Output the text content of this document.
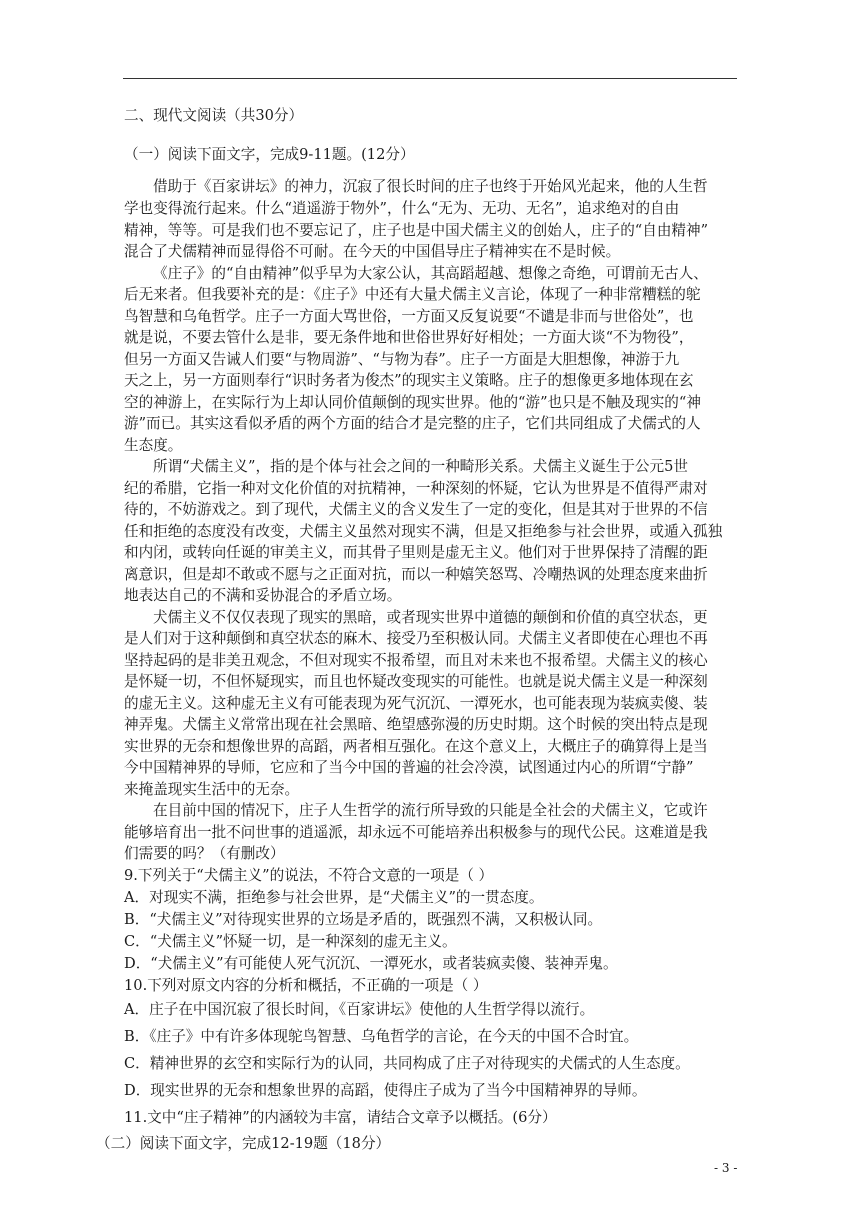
二、现代文阅读（共30分）
（一）阅读下面文字，完成9-11题。(12分）
借助于《百家讲坛》的神力，沉寂了很长时间的庄子也终于开始风光起来，他的人生哲
学也变得流行起来。什么“逍遥游于物外”，什么“无为、无功、无名”，追求绝对的自由
精神，等等。可是我们也不要忘记了，庄子也是中国犬儒主义的创始人，庄子的“自由精神”
混合了犬儒精神而显得俗不可耐。在今天的中国倡导庄子精神实在不是时候。
《庄子》的“自由精神”似乎早为大家公认，其高蹈超越、想像之奇绝，可谓前无古人、
后无来者。但我要补充的是：《庄子》中还有大量犬儒主义言论，体现了一种非常糟糕的鸵
鸟智慧和乌龟哲学。庄子一方面大骂世俗，一方面又反复说要“不谴是非而与世俗处”，也
就是说，不要去管什么是非，要无条件地和世俗世界好好相处；一方面大谈“不为物役”，
但另一方面又告诫人们要“与物周游”、“与物为春”。庄子一方面是大胆想像，神游于九
天之上，另一方面则奉行“识时务者为俊杰”的现实主义策略。庄子的想像更多地体现在玄
空的神游上，在实际行为上却认同价值颠倒的现实世界。他的“游”也只是不触及现实的“神
游”而已。其实这看似矛盾的两个方面的结合才是完整的庄子，它们共同组成了犬儒式的人
生态度。
所谓“犬儒主义”，指的是个体与社会之间的一种畸形关系。犬儒主义诞生于公元5世
纪的希腊，它指一种对文化价值的对抗精神，一种深刻的怀疑，它认为世界是不值得严肃对
待的，不妨游戏之。到了现代，犬儒主义的含义发生了一定的变化，但是其对于世界的不信
任和拒绝的态度没有改变，犬儒主义虽然对现实不满，但是又拒绝参与社会世界，或遁入孤独
和内闭，或转向任诞的审美主义，而其骨子里则是虚无主义。他们对于世界保持了清醒的距
离意识，但是却不敢或不愿与之正面对抗，而以一种嬉笑怒骂、冷嘲热讽的处理态度来曲折
地表达自己的不满和妥协混合的矛盾立场。
犬儒主义不仅仅表现了现实的黑暗，或者现实世界中道德的颠倒和价值的真空状态，更
是人们对于这种颠倒和真空状态的麻木、接受乃至积极认同。犬儒主义者即使在心理也不再
坚持起码的是非美丑观念，不但对现实不报希望，而且对未来也不报希望。犬儒主义的核心
是怀疑一切，不但怀疑现实，而且也怀疑改变现实的可能性。也就是说犬儒主义是一种深刻
的虚无主义。这种虚无主义有可能表现为死气沉沉、一潭死水，也可能表现为装疯卖傻、装
神弄鬼。犬儒主义常常出现在社会黑暗、绝望感弥漫的历史时期。这个时候的突出特点是现
实世界的无奈和想像世界的高蹈，两者相互强化。在这个意义上，大概庄子的确算得上是当
今中国精神界的导师，它应和了当今中国的普遍的社会冷漠，试图通过内心的所谓“宁静”
来掩盖现实生活中的无奈。
在目前中国的情况下，庄子人生哲学的流行所导致的只能是全社会的犬儒主义，它或许
能够培育出一批不问世事的逍遥派，却永远不可能培养出积极参与的现代公民。这难道是我
们需要的吗？（有删改）
9.下列关于“犬儒主义”的说法，不符合文意的一项是（ ）
A．对现实不满，拒绝参与社会世界，是“犬儒主义”的一贯态度。
B．“犬儒主义”对待现实世界的立场是矛盾的，既强烈不满，又积极认同。
C．“犬儒主义”怀疑一切，是一种深刻的虚无主义。
D．“犬儒主义”有可能使人死气沉沉、一潭死水，或者装疯卖傻、装神弄鬼。
10.下列对原文内容的分析和概括，不正确的一项是（ ）
A．庄子在中国沉寂了很长时间，《百家讲坛》使他的人生哲学得以流行。
B．《庄子》中有许多体现鸵鸟智慧、乌龟哲学的言论，在今天的中国不合时宜。
C．精神世界的玄空和实际行为的认同，共同构成了庄子对待现实的犬儒式的人生态度。
D．现实世界的无奈和想象世界的高蹈，使得庄子成为了当今中国精神界的导师。
11.文中“庄子精神”的内涵较为丰富，请结合文章予以概括。(6分）
（二）阅读下面文字，完成12-19题（18分）
- 3 -
